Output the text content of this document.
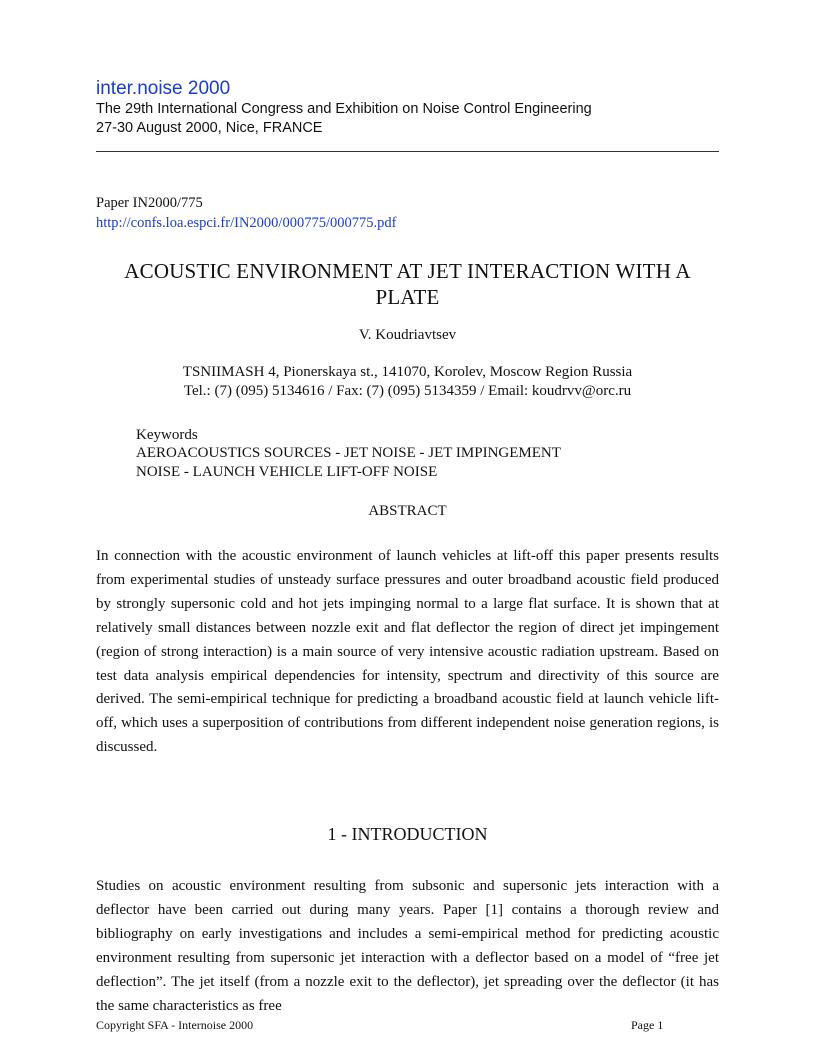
inter.noise 2000
The 29th International Congress and Exhibition on Noise Control Engineering
27-30 August 2000, Nice, FRANCE
Paper IN2000/775
http://confs.loa.espci.fr/IN2000/000775/000775.pdf
ACOUSTIC ENVIRONMENT AT JET INTERACTION WITH A PLATE
V. Koudriavtsev
TSNIIMASH 4, Pionerskaya st., 141070, Korolev, Moscow Region Russia
Tel.: (7) (095) 5134616 / Fax: (7) (095) 5134359 / Email: koudrvv@orc.ru
Keywords
AEROACOUSTICS SOURCES - JET NOISE - JET IMPINGEMENT
NOISE - LAUNCH VEHICLE LIFT-OFF NOISE
ABSTRACT
In connection with the acoustic environment of launch vehicles at lift-off this paper presents results from experimental studies of unsteady surface pressures and outer broadband acoustic field produced by strongly supersonic cold and hot jets impinging normal to a large flat surface. It is shown that at relatively small distances between nozzle exit and flat deflector the region of direct jet impingement (region of strong interaction) is a main source of very intensive acoustic radiation upstream. Based on test data analysis empirical dependencies for intensity, spectrum and directivity of this source are derived. The semi-empirical technique for predicting a broadband acoustic field at launch vehicle lift-off, which uses a superposition of contributions from different independent noise generation regions, is discussed.
1 - INTRODUCTION
Studies on acoustic environment resulting from subsonic and supersonic jets interaction with a deflector have been carried out during many years. Paper [1] contains a thorough review and bibliography on early investigations and includes a semi-empirical method for predicting acoustic environment resulting from supersonic jet interaction with a deflector based on a model of “free jet deflection”. The jet itself (from a nozzle exit to the deflector), jet spreading over the deflector (it has the same characteristics as free
Copyright SFA - Internoise 2000	Page 1
